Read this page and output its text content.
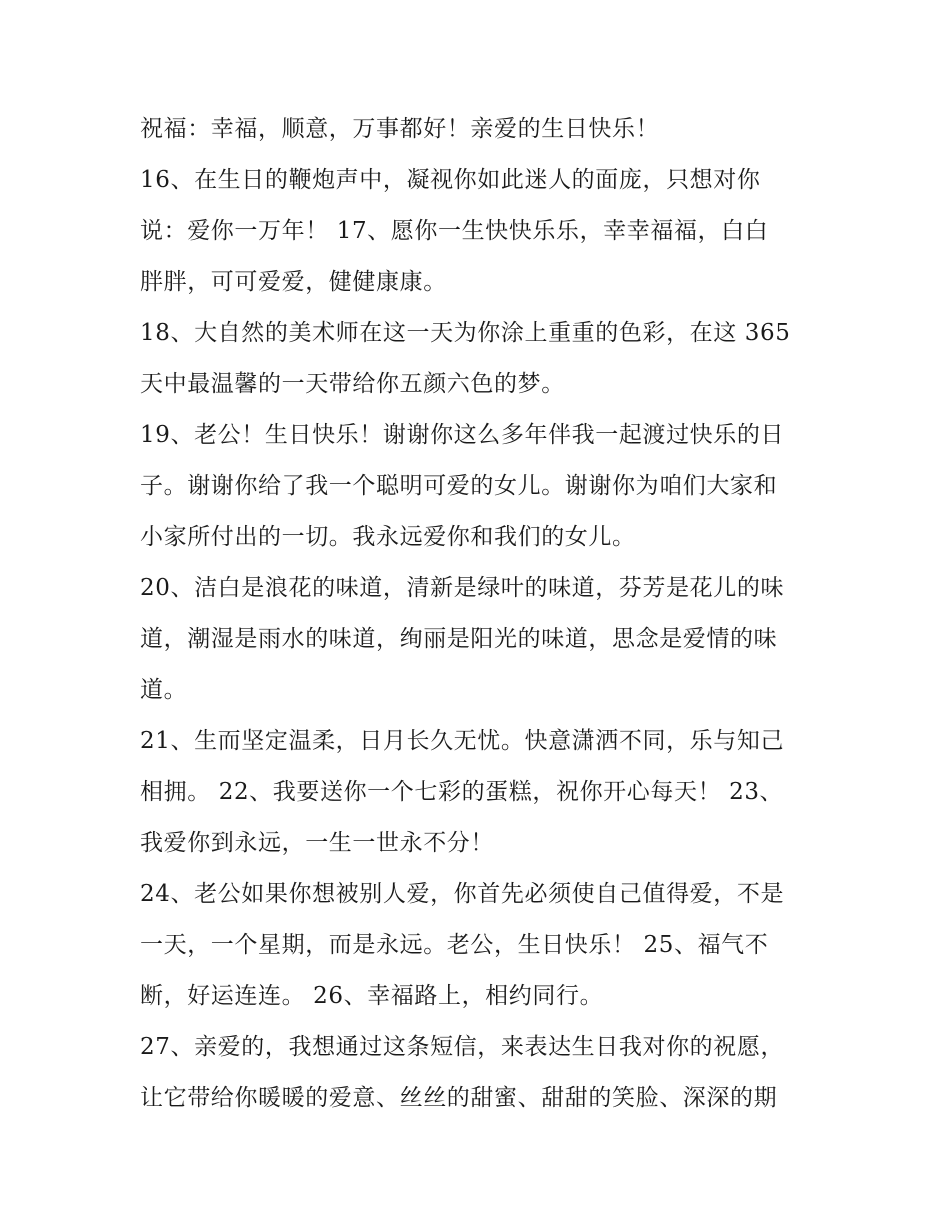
祝福：幸福，顺意，万事都好！亲爱的生日快乐！
16、在生日的鞭炮声中，凝视你如此迷人的面庞，只想对你
说：爱你一万年！ 17、愿你一生快快乐乐，幸幸福福，白白
胖胖，可可爱爱，健健康康。
18、大自然的美术师在这一天为你涂上重重的色彩，在这 365
天中最温馨的一天带给你五颜六色的梦。
19、老公！生日快乐！谢谢你这么多年伴我一起渡过快乐的日
子。谢谢你给了我一个聪明可爱的女儿。谢谢你为咱们大家和
小家所付出的一切。我永远爱你和我们的女儿。
20、洁白是浪花的味道，清新是绿叶的味道，芬芳是花儿的味
道，潮湿是雨水的味道，绚丽是阳光的味道，思念是爱情的味
道。
21、生而坚定温柔，日月长久无忧。快意潇洒不同，乐与知己
相拥。 22、我要送你一个七彩的蛋糕，祝你开心每天！ 23、
我爱你到永远，一生一世永不分！
24、老公如果你想被别人爱，你首先必须使自己值得爱，不是
一天，一个星期，而是永远。老公，生日快乐！ 25、福气不
断，好运连连。 26、幸福路上，相约同行。
27、亲爱的，我想通过这条短信，来表达生日我对你的祝愿，
让它带给你暖暖的爱意、丝丝的甜蜜、甜甜的笑脸、深深的期
